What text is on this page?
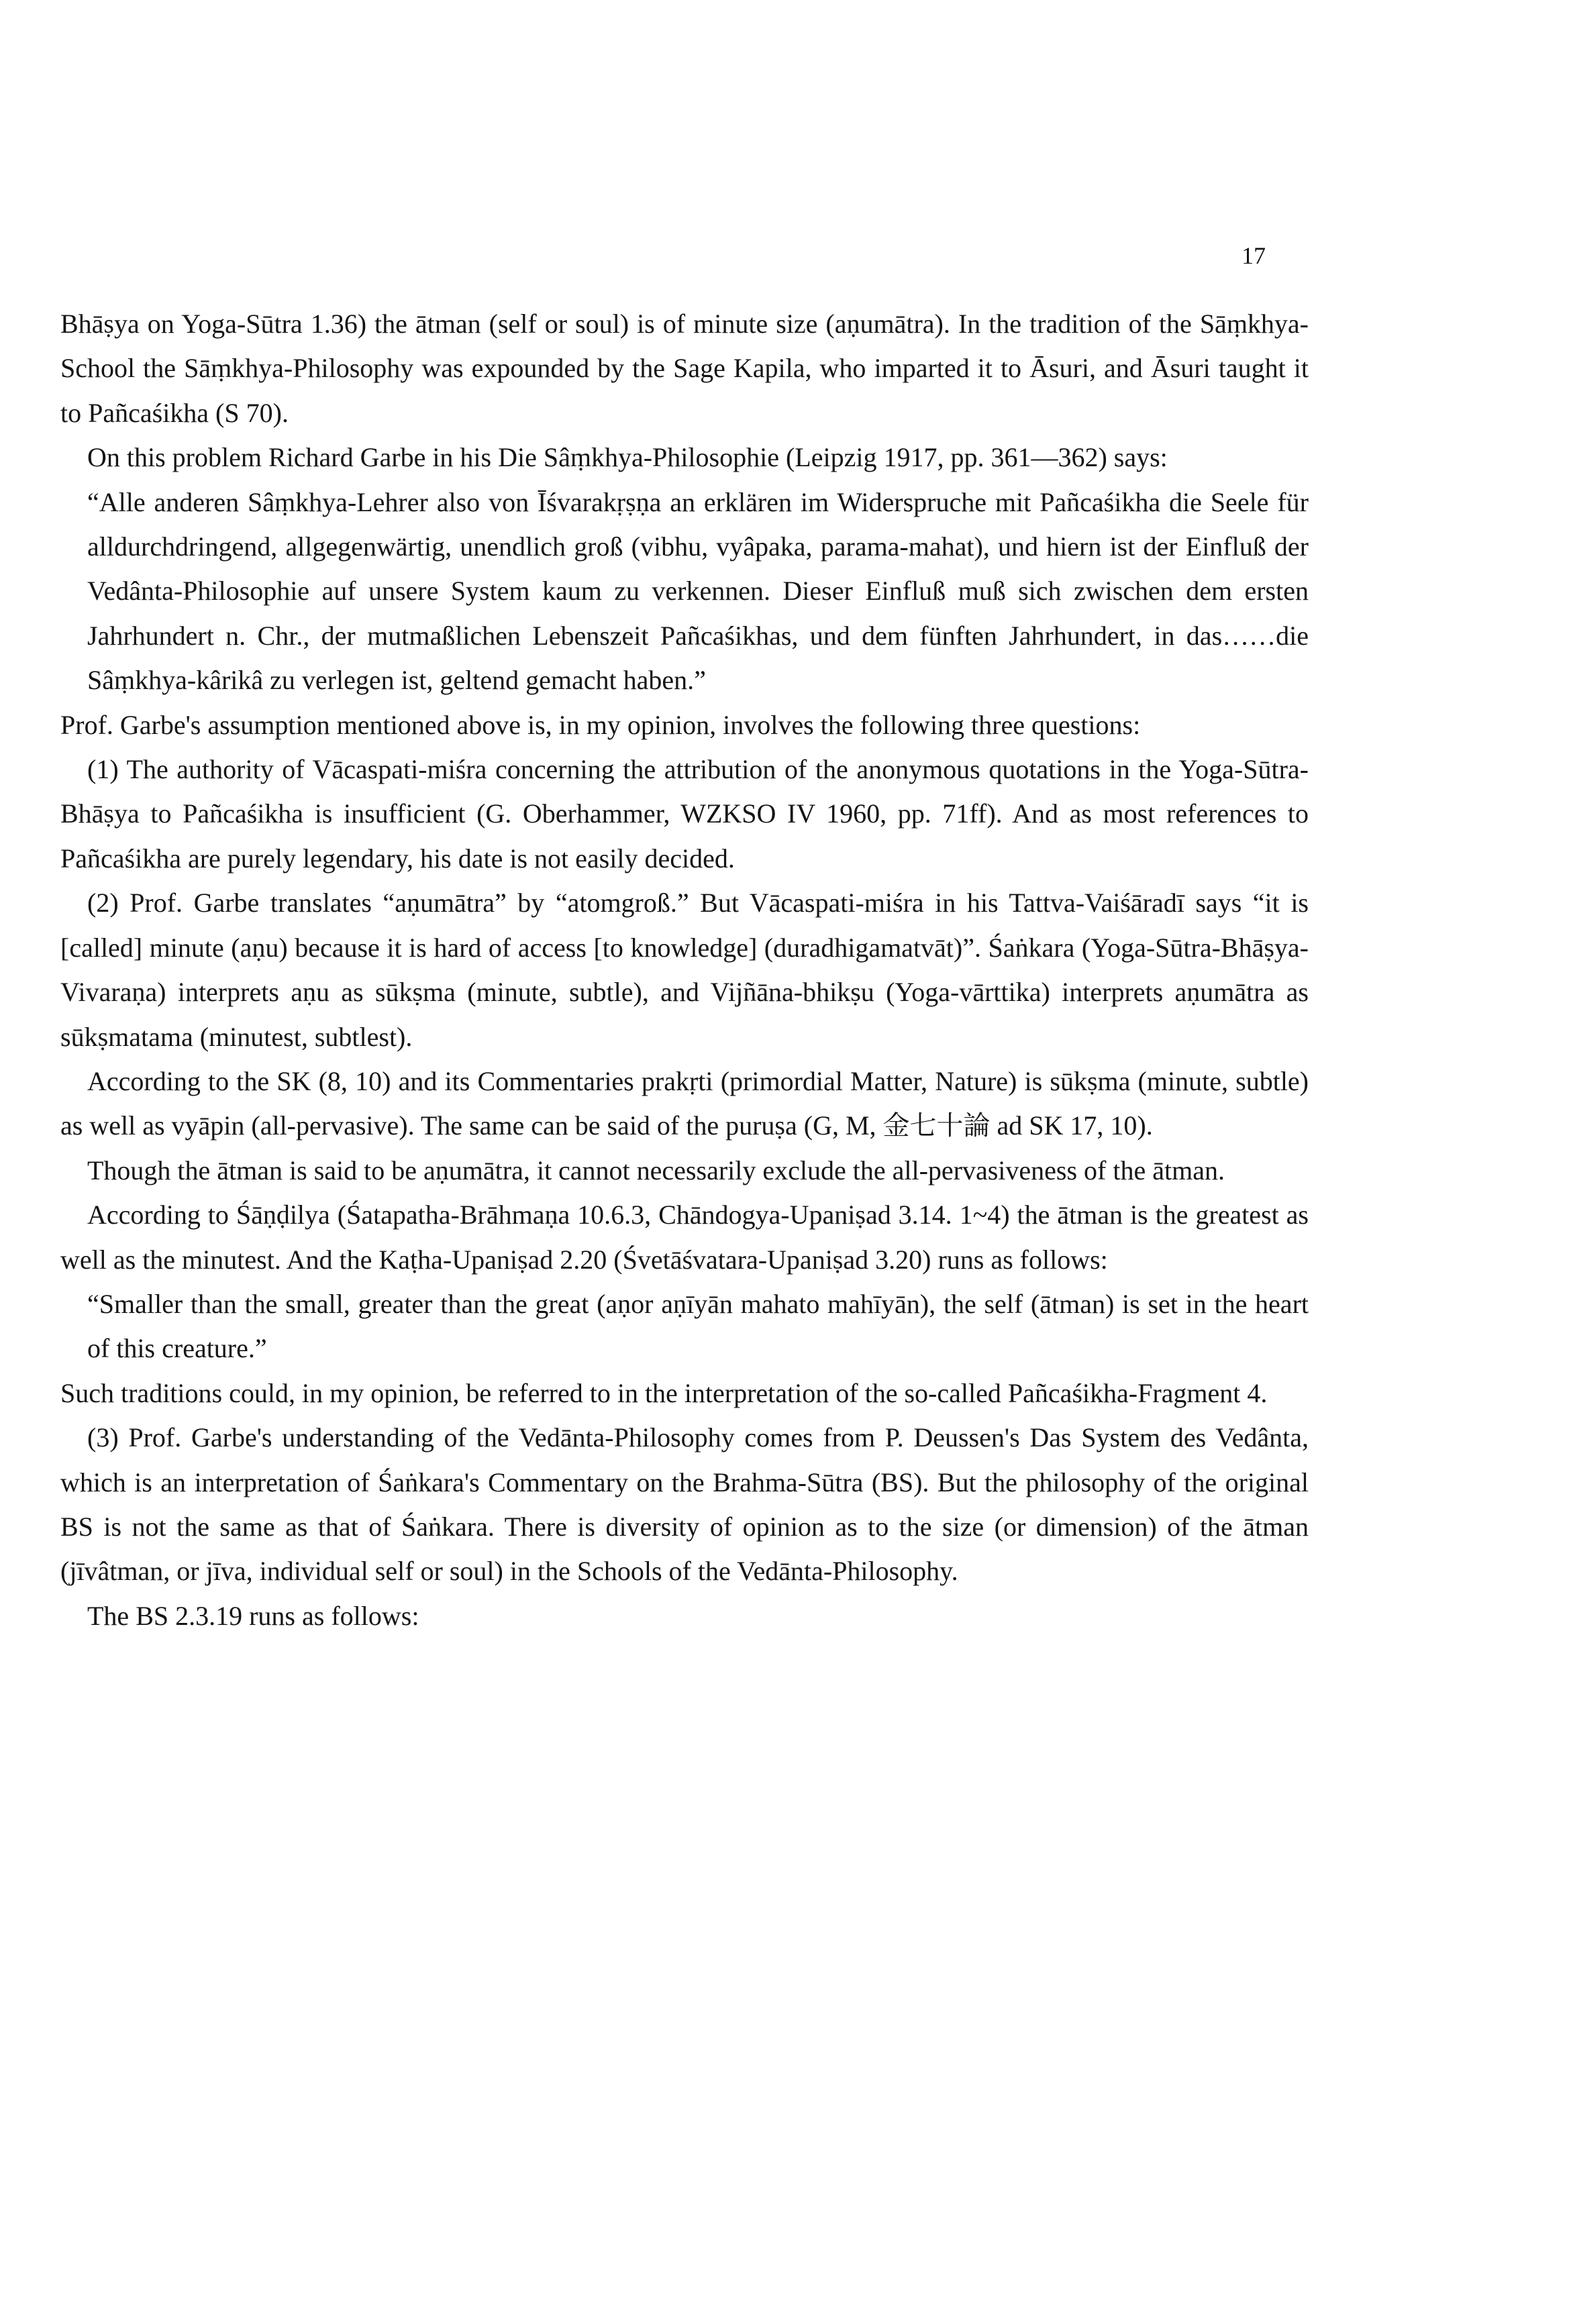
17

Bhāṣya on Yoga-Sūtra 1.36) the ātman (self or soul) is of minute size (aṇumātra). In the tradition of the Sāṃkhya-School the Sāṃkhya-Philosophy was expounded by the Sage Kapila, who imparted it to Āsuri, and Āsuri taught it to Pañcaśikha (S 70).

On this problem Richard Garbe in his Die Sâṃkhya-Philosophie (Leipzig 1917, pp. 361—362) says:

“Alle anderen Sâṃkhya-Lehrer also von Īśvarakṛṣṇa an erklären im Widerspruche mit Pañcaśikha die Seele für alldurchdringend, allgegenwärtig, unendlich groß (vibhu, vyâpaka, parama-mahat), und hiern ist der Einfluß der Vedânta-Philosophie auf unsere System kaum zu verkennen. Dieser Einfluß muß sich zwischen dem ersten Jahrhundert n. Chr., der mutmaßlichen Lebenszeit Pañcaśikhas, und dem fünften Jahrhundert, in das……die Sâṃkhya-kârikâ zu verlegen ist, geltend gemacht haben.”

Prof. Garbe's assumption mentioned above is, in my opinion, involves the following three questions:

(1) The authority of Vācaspati-miśra concerning the attribution of the anonymous quotations in the Yoga-Sūtra-Bhāṣya to Pañcaśikha is insufficient (G. Oberhammer, WZKSO IV 1960, pp. 71ff). And as most references to Pañcaśikha are purely legendary, his date is not easily decided.

(2) Prof. Garbe translates “aṇumātra” by “atomgroß.” But Vācaspati-miśra in his Tattva-Vaiśāradī says “it is [called] minute (aṇu) because it is hard of access [to knowledge] (duradhigamatvāt)”. Śaṅkara (Yoga-Sūtra-Bhāṣya-Vivaraṇa) interprets aṇu as sūkṣma (minute, subtle), and Vijñāna-bhikṣu (Yoga-vārttika) interprets aṇumātra as sūkṣmatama (minutest, subtlest).

According to the SK (8, 10) and its Commentaries prakṛti (primordial Matter, Nature) is sūkṣma (minute, subtle) as well as vyāpin (all-pervasive). The same can be said of the puruṣa (G, M, 金七十論 ad SK 17, 10).

Though the ātman is said to be aṇumātra, it cannot necessarily exclude the all-pervasiveness of the ātman.

According to Śāṇḍilya (Śatapatha-Brāhmaṇa 10.6.3, Chāndogya-Upaniṣad 3.14. 1~4) the ātman is the greatest as well as the minutest. And the Kaṭha-Upaniṣad 2.20 (Śvetāśvatara-Upaniṣad 3.20) runs as follows:

“Smaller than the small, greater than the great (aṇor aṇīyān mahato mahīyān), the self (ātman) is set in the heart of this creature.”

Such traditions could, in my opinion, be referred to in the interpretation of the so-called Pañcaśikha-Fragment 4.

(3) Prof. Garbe's understanding of the Vedānta-Philosophy comes from P. Deussen's Das System des Vedânta, which is an interpretation of Śaṅkara's Commentary on the Brahma-Sūtra (BS). But the philosophy of the original BS is not the same as that of Śaṅkara. There is diversity of opinion as to the size (or dimension) of the ātman (jīvâtman, or jīva, individual self or soul) in the Schools of the Vedānta-Philosophy.

The BS 2.3.19 runs as follows:
